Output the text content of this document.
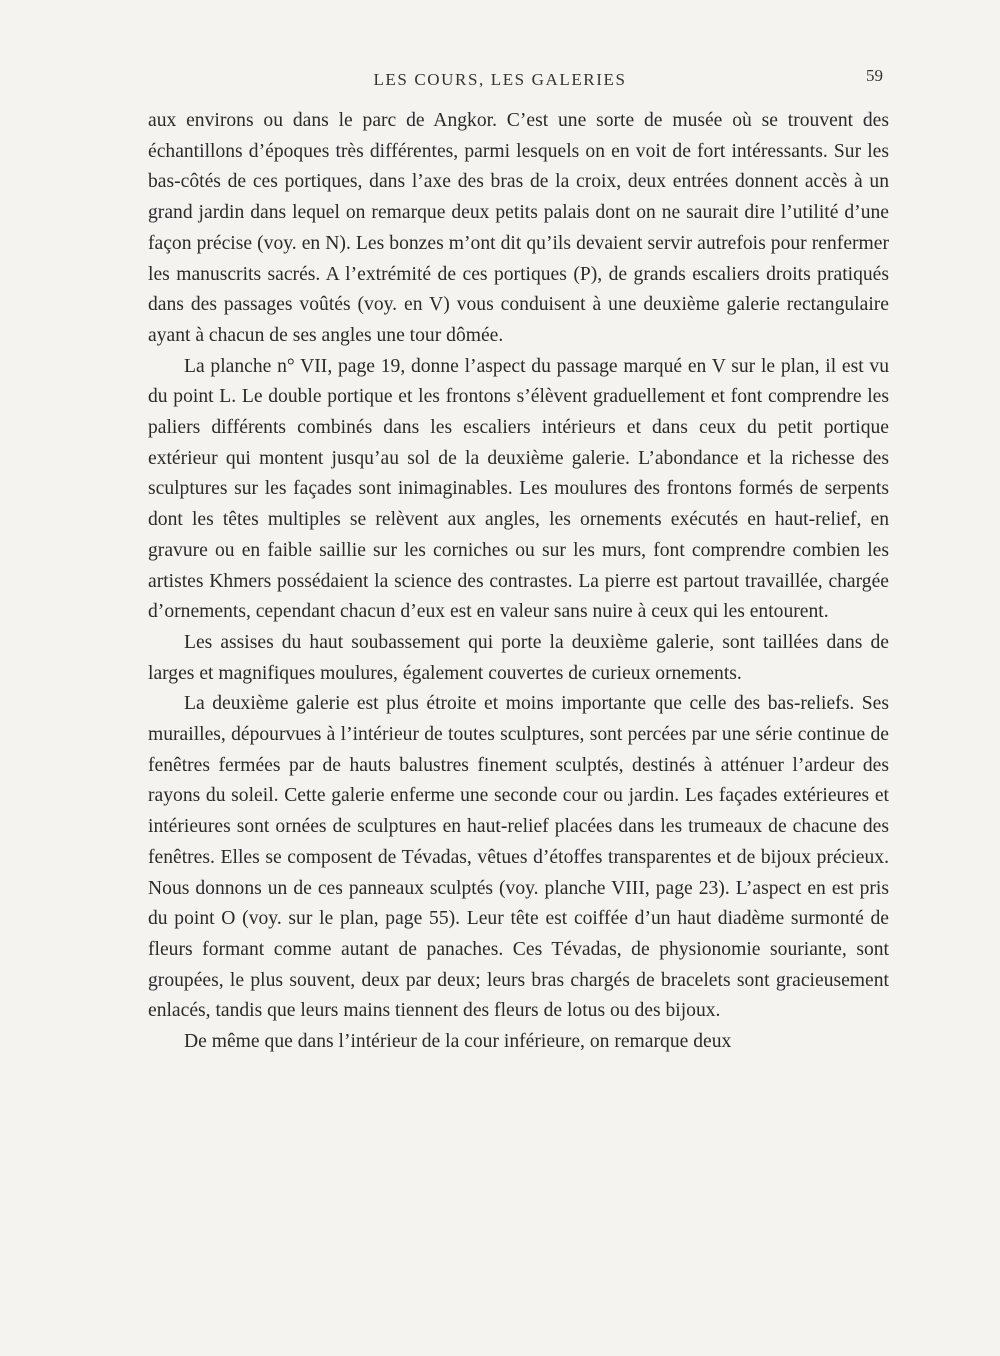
LES COURS, LES GALERIES	59

aux environs ou dans le parc de Angkor. C’est une sorte de musée où se trouvent des échantillons d’époques très différentes, parmi lesquels on en voit de fort intéressants. Sur les bas-côtés de ces portiques, dans l’axe des bras de la croix, deux entrées donnent accès à un grand jardin dans lequel on remarque deux petits palais dont on ne saurait dire l’utilité d’une façon précise (voy. en N). Les bonzes m’ont dit qu’ils devaient servir autrefois pour renfermer les manuscrits sacrés. A l’extrémité de ces portiques (P), de grands escaliers droits pratiqués dans des passages voûtés (voy. en V) vous conduisent à une deuxième galerie rectangulaire ayant à chacun de ses angles une tour dômée.

La planche n° VII, page 19, donne l’aspect du passage marqué en V sur le plan, il est vu du point L. Le double portique et les frontons s’élèvent graduellement et font comprendre les paliers différents combinés dans les escaliers intérieurs et dans ceux du petit portique extérieur qui montent jusqu’au sol de la deuxième galerie. L’abondance et la richesse des sculptures sur les façades sont inimaginables. Les moulures des frontons formés de serpents dont les têtes multiples se relèvent aux angles, les ornements exécutés en haut-relief, en gravure ou en faible saillie sur les corniches ou sur les murs, font comprendre combien les artistes Khmers possédaient la science des contrastes. La pierre est partout travaillée, chargée d’ornements, cependant chacun d’eux est en valeur sans nuire à ceux qui les entourent.

Les assises du haut soubassement qui porte la deuxième galerie, sont taillées dans de larges et magnifiques moulures, également couvertes de curieux ornements.

La deuxième galerie est plus étroite et moins importante que celle des bas-reliefs. Ses murailles, dépourvues à l’intérieur de toutes sculptures, sont percées par une série continue de fenêtres fermées par de hauts balustres finement sculptés, destinés à atténuer l’ardeur des rayons du soleil. Cette galerie enferme une seconde cour ou jardin. Les façades extérieures et intérieures sont ornées de sculptures en haut-relief placées dans les trumeaux de chacune des fenêtres. Elles se composent de Tévadas, vêtues d’étoffes transparentes et de bijoux précieux. Nous donnons un de ces panneaux sculptés (voy. planche VIII, page 23). L’aspect en est pris du point O (voy. sur le plan, page 55). Leur tête est coiffée d’un haut diadème surmonté de fleurs formant comme autant de panaches. Ces Tévadas, de physionomie souriante, sont groupées, le plus souvent, deux par deux; leurs bras chargés de bracelets sont gracieusement enlacés, tandis que leurs mains tiennent des fleurs de lotus ou des bijoux.

De même que dans l’intérieur de la cour inférieure, on remarque deux
